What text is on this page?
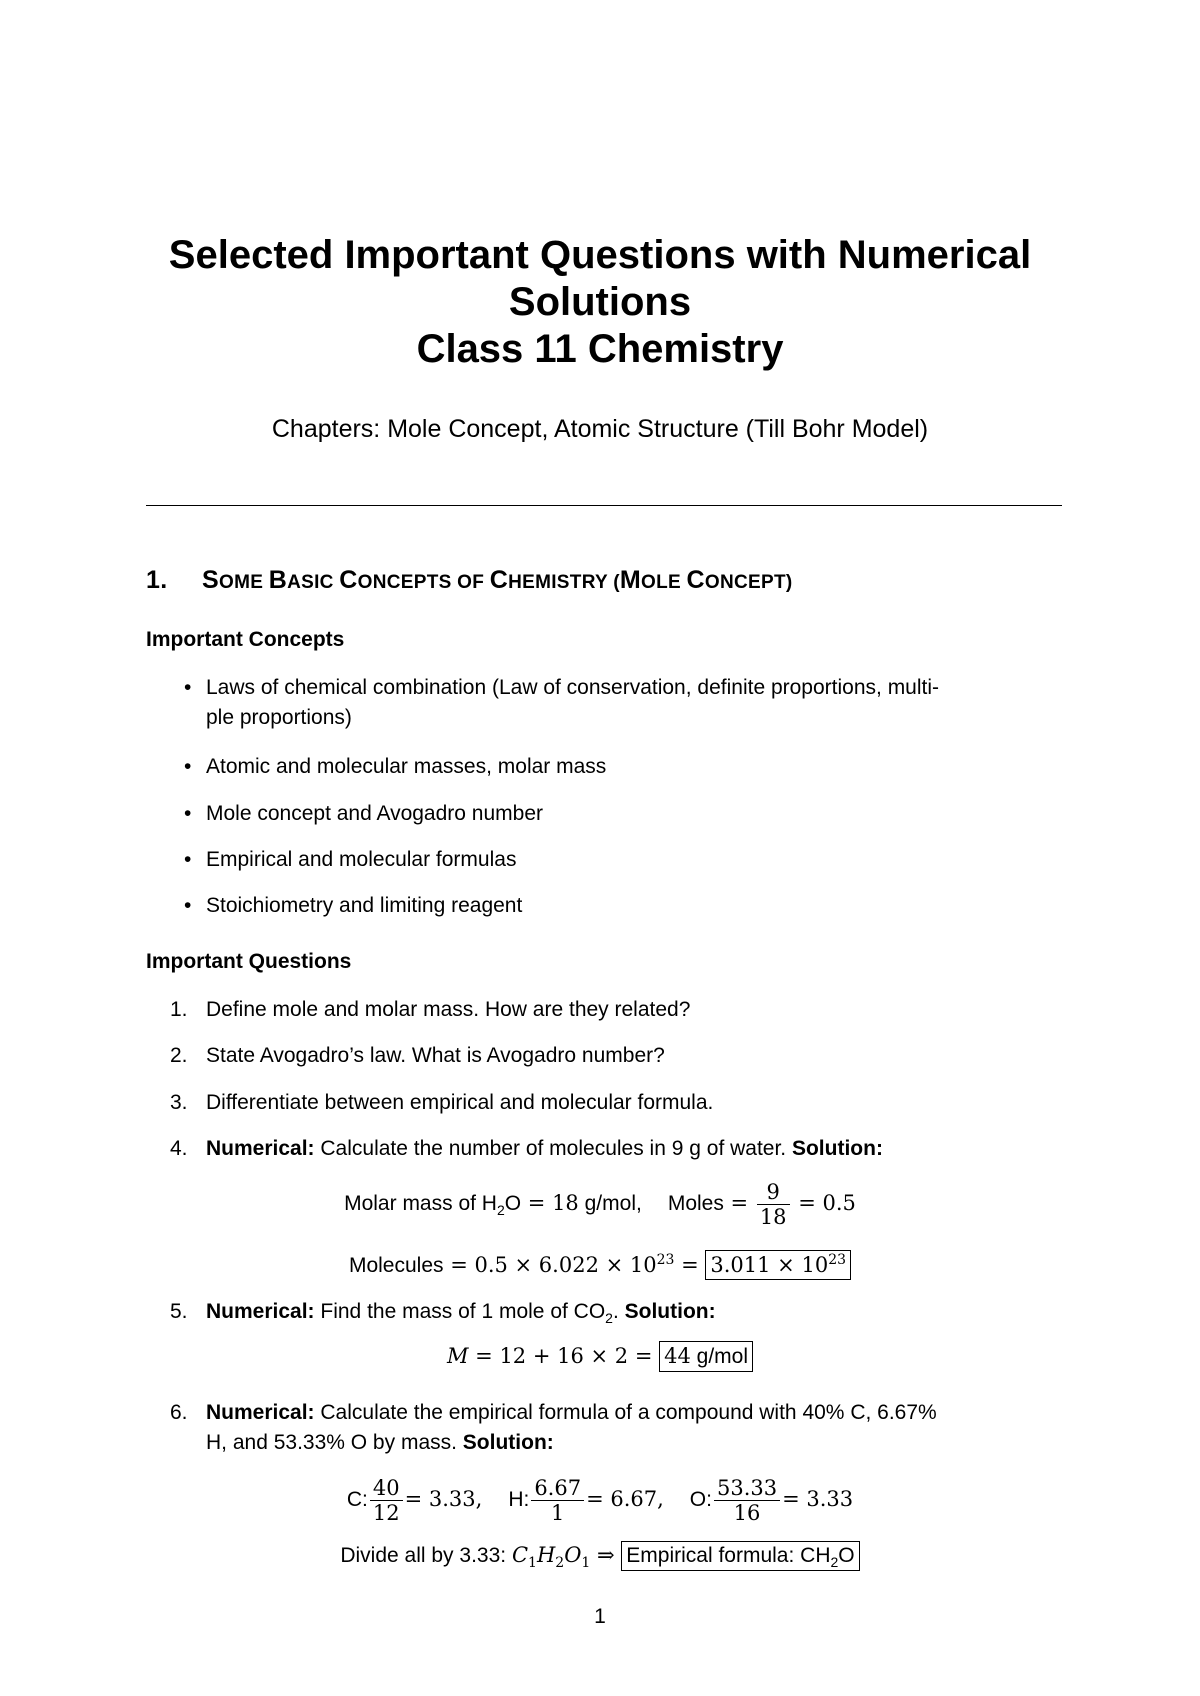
Selected Important Questions with Numerical
Solutions
Class 11 Chemistry
Chapters: Mole Concept, Atomic Structure (Till Bohr Model)
1. SOME BASIC CONCEPTS OF CHEMISTRY (MOLE CONCEPT)
Important Concepts
• Laws of chemical combination (Law of conservation, definite proportions, multi-
ple proportions)
• Atomic and molecular masses, molar mass
• Mole concept and Avogadro number
• Empirical and molecular formulas
• Stoichiometry and limiting reagent
Important Questions
1. Define mole and molar mass. How are they related?
2. State Avogadro’s law. What is Avogadro number?
3. Differentiate between empirical and molecular formula.
4. Numerical: Calculate the number of molecules in 9 g of water. Solution:
Molar mass of $H_2O = 18$ g/mol, Moles = $\frac{9}{18} = 0.5$
Molecules = $0.5 \times 6.022 \times 10^{23} = 3.011 \times 10^{23}$
5. Numerical: Find the mass of 1 mole of $CO_2$. Solution:
M = 12 + 16 × 2 = 44 g/mol
6. Numerical: Calculate the empirical formula of a compound with 40% C, 6.67%
H, and 53.33% O by mass. Solution:
C: $\frac{40}{12} = 3.33$, H: $\frac{6.67}{1} = 6.67$, O: $\frac{53.33}{16} = 3.33$
Divide all by 3.33: $C_1H_2O_1$ ⇒ Empirical formula: $CH_2O$
1
